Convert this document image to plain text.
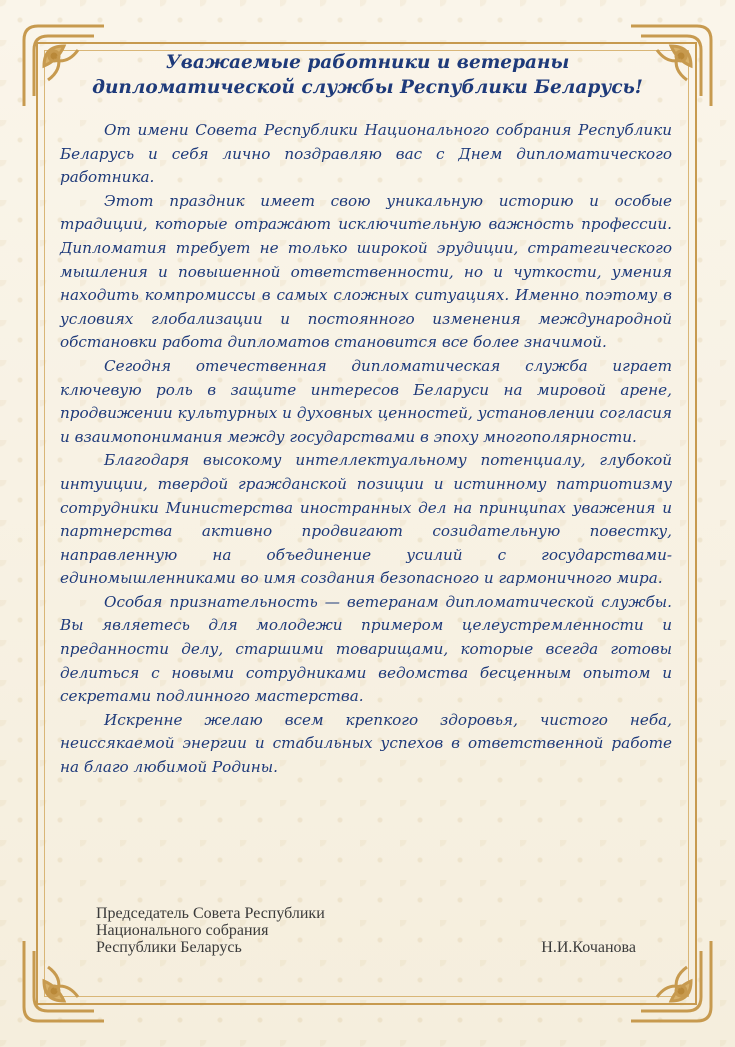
Уважаемые работники и ветераны
дипломатической службы Республики Беларусь!

От имени Совета Республики Национального собрания Республики Беларусь и себя лично поздравляю вас с Днем дипломатического работника.

Этот праздник имеет свою уникальную историю и особые традиции, которые отражают исключительную важность профессии. Дипломатия требует не только широкой эрудиции, стратегического мышления и повышенной ответственности, но и чуткости, умения находить компромиссы в самых сложных ситуациях. Именно поэтому в условиях глобализации и постоянного изменения международной обстановки работа дипломатов становится все более значимой.

Сегодня отечественная дипломатическая служба играет ключевую роль в защите интересов Беларуси на мировой арене, продвижении культурных и духовных ценностей, установлении согласия и взаимопонимания между государствами в эпоху многополярности.

Благодаря высокому интеллектуальному потенциалу, глубокой интуиции, твердой гражданской позиции и истинному патриотизму сотрудники Министерства иностранных дел на принципах уважения и партнерства активно продвигают созидательную повестку, направленную на объединение усилий с государствами-единомышленниками во имя создания безопасного и гармоничного мира.

Особая признательность — ветеранам дипломатической службы. Вы являетесь для молодежи примером целеустремленности и преданности делу, старшими товарищами, которые всегда готовы делиться с новыми сотрудниками ведомства бесценным опытом и секретами подлинного мастерства.

Искренне желаю всем крепкого здоровья, чистого неба, неиссякаемой энергии и стабильных успехов в ответственной работе на благо любимой Родины.

Председатель Совета Республики
Национального собрания
Республики Беларусь	Н.И.Кочанова
